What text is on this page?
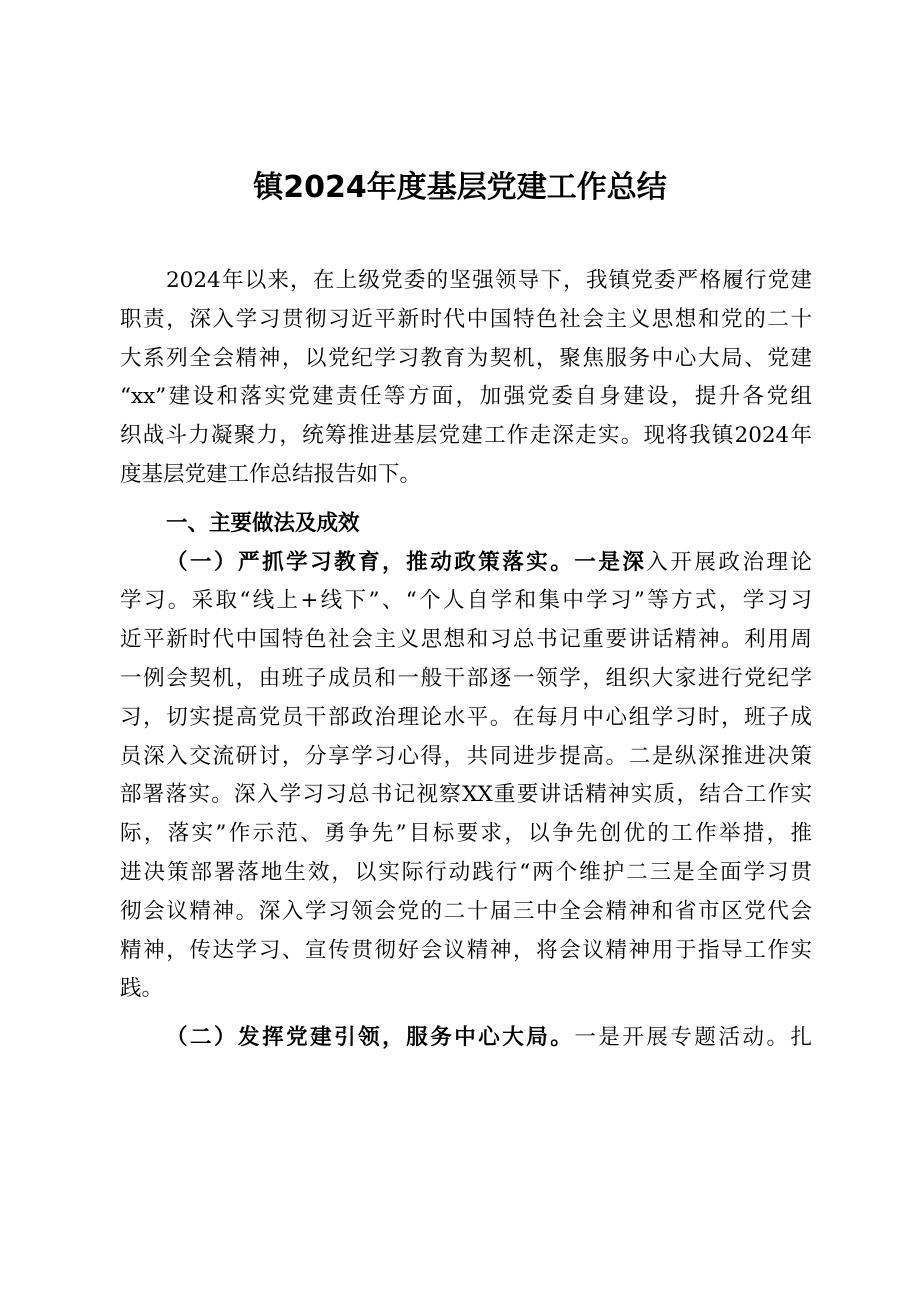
镇2024年度基层党建工作总结
2024年以来，在上级党委的坚强领导下，我镇党委严格履行党建
职责，深入学习贯彻习近平新时代中国特色社会主义思想和党的二十
大系列全会精神，以党纪学习教育为契机，聚焦服务中心大局、党建
“xx”建设和落实党建责任等方面，加强党委自身建设，提升各党组
织战斗力凝聚力，统筹推进基层党建工作走深走实。现将我镇2024年
度基层党建工作总结报告如下。
一、主要做法及成效
（一）严抓学习教育，推动政策落实。一是深入开展政治理论
学习。采取“线上+线下”、“个人自学和集中学习”等方式，学习习
近平新时代中国特色社会主义思想和习总书记重要讲话精神。利用周
一例会契机，由班子成员和一般干部逐一领学，组织大家进行党纪学
习，切实提高党员干部政治理论水平。在每月中心组学习时，班子成
员深入交流研讨，分享学习心得，共同进步提高。二是纵深推进决策
部署落实。深入学习习总书记视察XX重要讲话精神实质，结合工作实
际，落实”作示范、勇争先”目标要求，以争先创优的工作举措，推
进决策部署落地生效，以实际行动践行“两个维护二三是全面学习贯
彻会议精神。深入学习领会党的二十届三中全会精神和省市区党代会
精神，传达学习、宣传贯彻好会议精神，将会议精神用于指导工作实
践。
（二）发挥党建引领，服务中心大局。一是开展专题活动。扎
